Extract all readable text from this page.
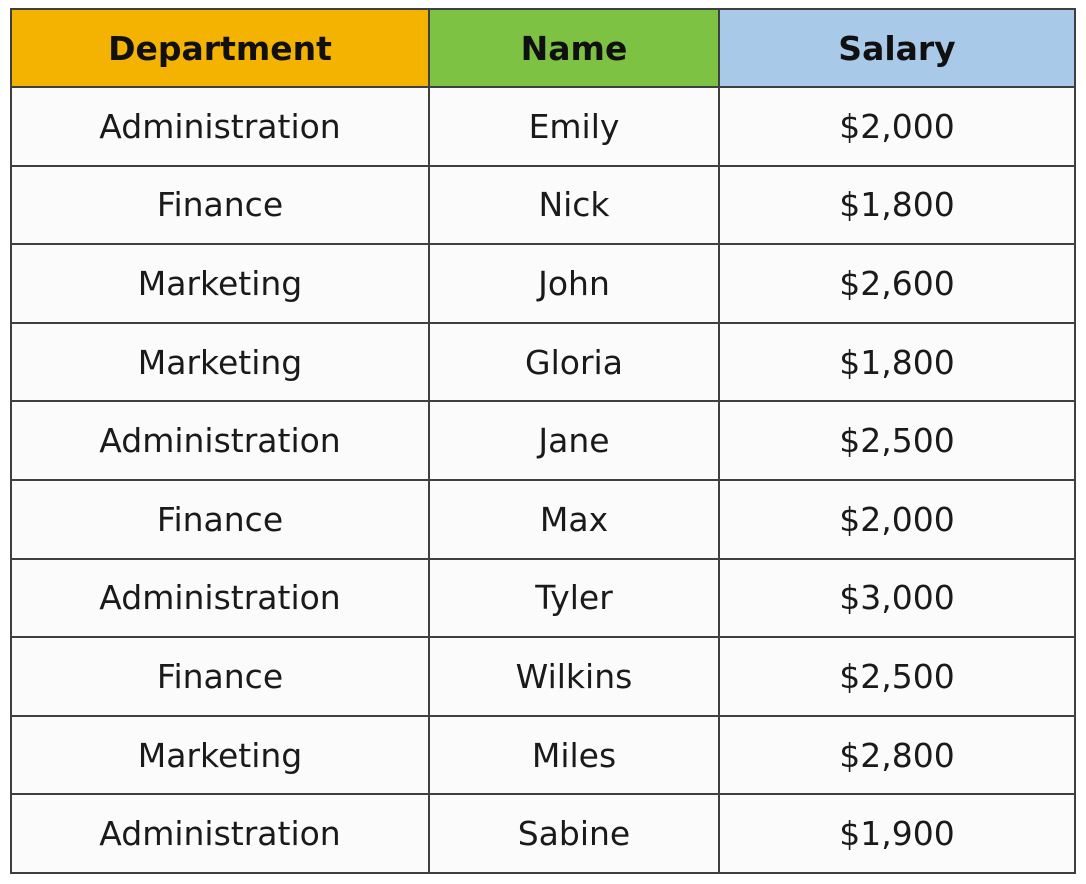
Department	Name	Salary
Administration	Emily	$2,000
Finance	Nick	$1,800
Marketing	John	$2,600
Marketing	Gloria	$1,800
Administration	Jane	$2,500
Finance	Max	$2,000
Administration	Tyler	$3,000
Finance	Wilkins	$2,500
Marketing	Miles	$2,800
Administration	Sabine	$1,900
